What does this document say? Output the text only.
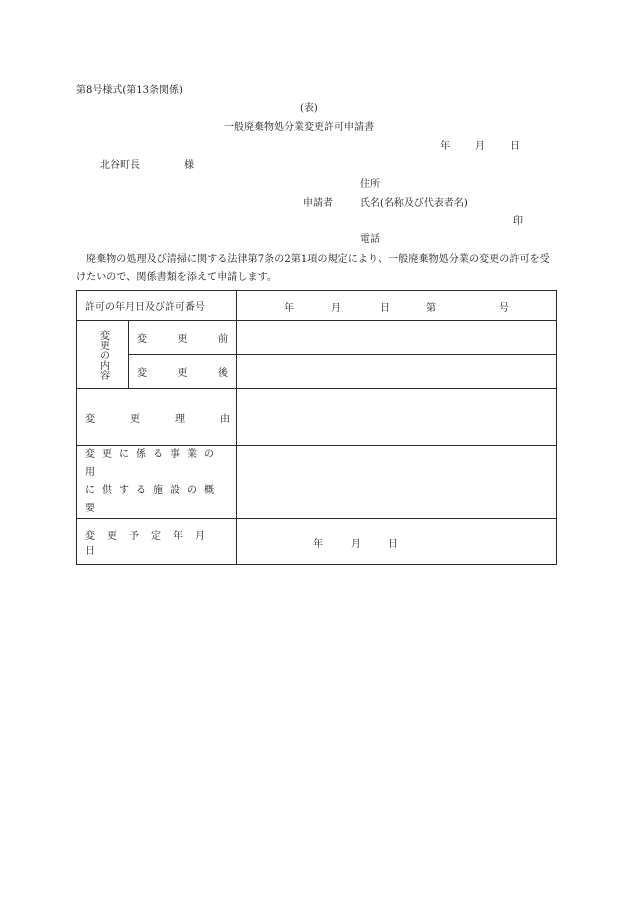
第8号様式(第13条関係)
(表)
一般廃棄物処分業変更許可申請書
年	月	日
北谷町長	様
住所
申請者	氏名(名称及び代表者名)
印
電話
廃棄物の処理及び清掃に関する法律第7条の2第1項の規定により、一般廃棄物処分業の変更の許可を受けたいので、関係書類を添えて申請します。
許可の年月日及び許可番号		年 月 日 第 号

変更の内容	変 更 前	

	変 更 後	

変 更 理 由		

変更に係る事業の用
に供する施設の概要		

変更予定年月日		年 月 日
